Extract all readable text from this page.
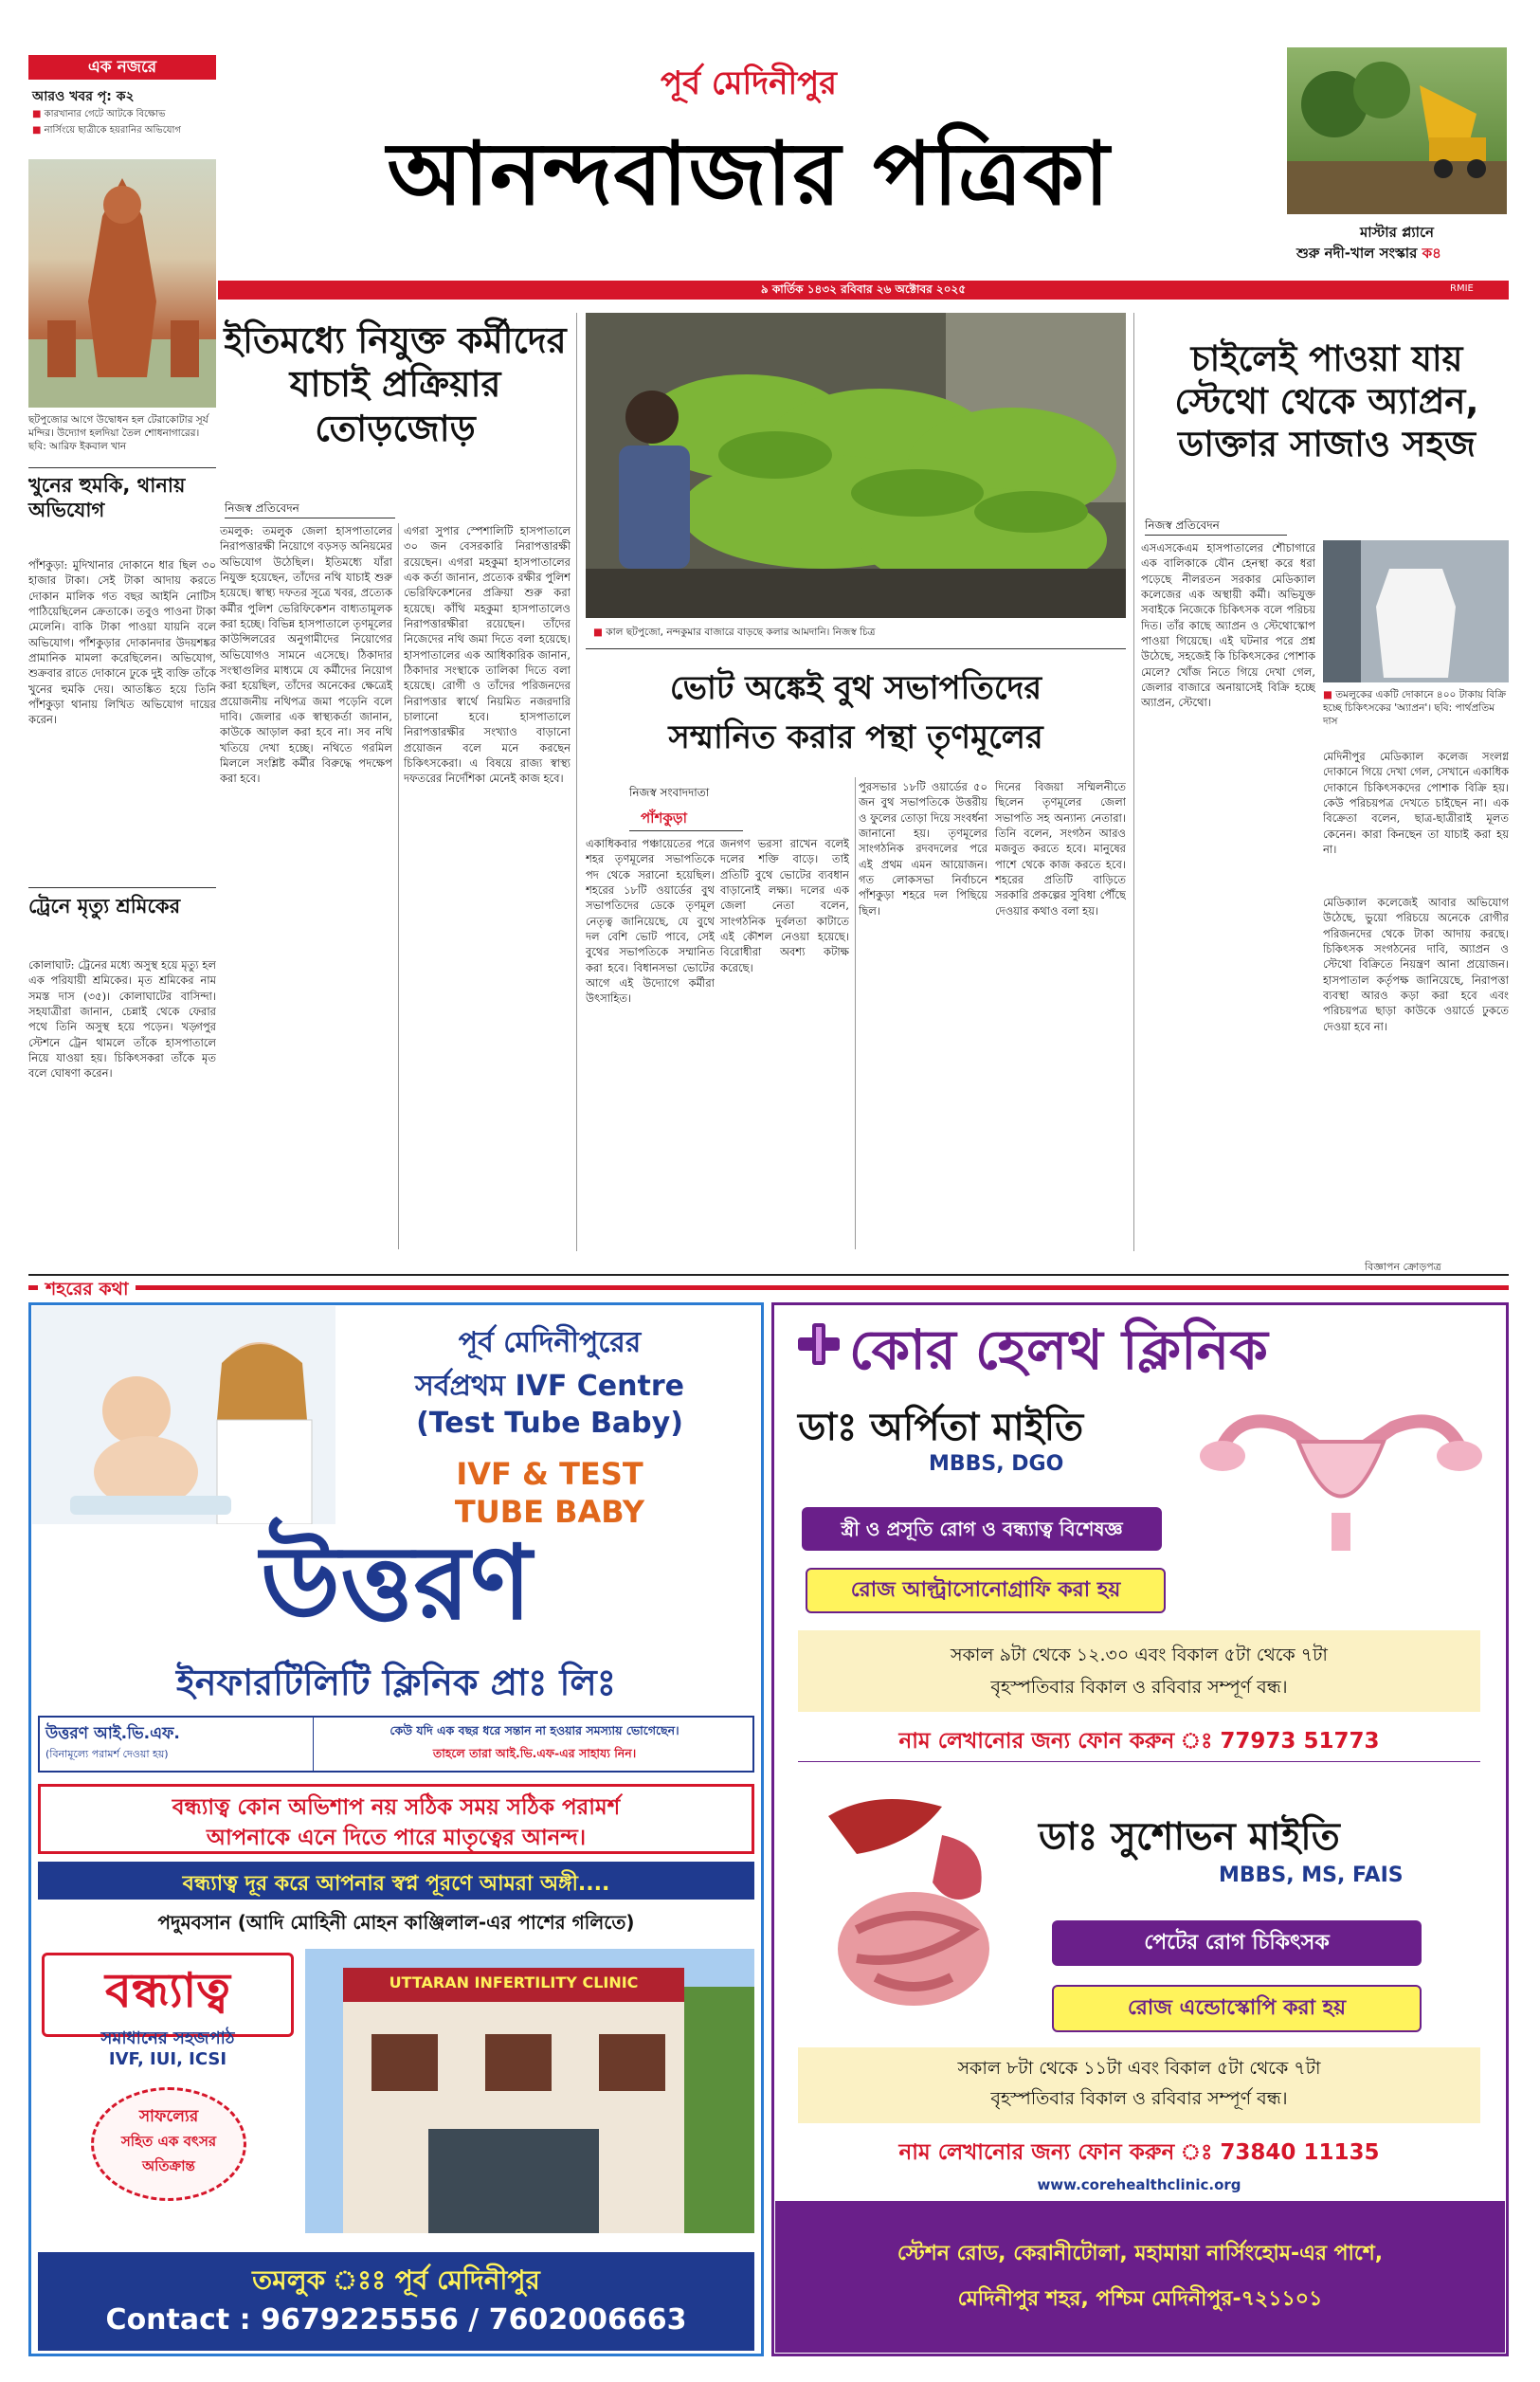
এক নজরে
আরও খবর পৃ: ক২
■ কারখানার গেটে আটকে বিক্ষোভ
■ নার্সিংয়ে ছাত্রীকে হয়রানির অভিযোগ
ছটপুজোর আগে উদ্বোধন হল টেরাকোটার সূর্য মন্দির। উদ্যোগ হলদিয়া তৈল শোধনাগারের। ছবি: আরিফ ইকবাল খান
খুনের হুমকি, থানায় অভিযোগ
পাঁশকুড়া: মুদিখানার দোকানে ধার ছিল ৩০ হাজার টাকা। সেই টাকা আদায় করতে দোকান মালিক গত বছর আইনি নোটিস পাঠিয়েছিলেন ক্রেতাকে। তবুও পাওনা টাকা মেলেনি। বাকি টাকা পাওয়া যায়নি বলে অভিযোগ। পাঁশকুড়ার দোকানদার উদয়শঙ্কর প্রামানিক মামলা করেছিলেন। অভিযোগ, শুক্রবার রাতে দোকানে ঢুকে দুই ব্যক্তি তাঁকে খুনের হুমকি দেয়। আতঙ্কিত হয়ে তিনি পাঁশকুড়া থানায় লিখিত অভিযোগ দায়ের করেন।
ট্রেনে মৃত্যু শ্রমিকের
কোলাঘাট: ট্রেনের মধ্যে অসুস্থ হয়ে মৃত্যু হল এক পরিযায়ী শ্রমিকের। মৃত শ্রমিকের নাম সমস্ত দাস (৩৫)। কোলাঘাটের বাসিন্দা। সহযাত্রীরা জানান, চেন্নাই থেকে ফেরার পথে তিনি অসুস্থ হয়ে পড়েন। খড়্গপুর স্টেশনে ট্রেন থামলে তাঁকে হাসপাতালে নিয়ে যাওয়া হয়। চিকিৎসকরা তাঁকে মৃত বলে ঘোষণা করেন।
পূর্ব মেদিনীপুর
আনন্দবাজার পত্রিকা
৯ কার্তিক ১৪৩২ রবিবার ২৬ অক্টোবর ২০২৫	RMIE
মাস্টার প্ল্যানে
শুরু নদী-খাল সংস্কার ক৪
ইতিমধ্যে নিযুক্ত কর্মীদের যাচাই প্রক্রিয়ার তোড়জোড়
নিজস্ব প্রতিবেদন
তমলুক: তমলুক জেলা হাসপাতালের নিরাপত্তারক্ষী নিয়োগে বড়সড় অনিয়মের অভিযোগ উঠেছিল। ইতিমধ্যে যাঁরা নিযুক্ত হয়েছেন, তাঁদের নথি যাচাই শুরু হয়েছে। স্বাস্থ্য দফতর সূত্রে খবর, প্রত্যেক কর্মীর পুলিশ ভেরিফিকেশন বাধ্যতামূলক করা হচ্ছে। বিভিন্ন হাসপাতালে তৃণমূলের কাউন্সিলরের অনুগামীদের নিয়োগের অভিযোগও সামনে এসেছে। ঠিকাদার সংস্থাগুলির মাধ্যমে যে কর্মীদের নিয়োগ করা হয়েছিল, তাঁদের অনেকের ক্ষেত্রেই প্রয়োজনীয় নথিপত্র জমা পড়েনি বলে দাবি। জেলার এক স্বাস্থ্যকর্তা জানান, কাউকে আড়াল করা হবে না। সব নথি খতিয়ে দেখা হচ্ছে। নথিতে গরমিল মিললে সংশ্লিষ্ট কর্মীর বিরুদ্ধে পদক্ষেপ করা হবে।
এগরা সুপার স্পেশালিটি হাসপাতালে ৩০ জন বেসরকারি নিরাপত্তারক্ষী রয়েছেন। এগরা মহকুমা হাসপাতালের এক কর্তা জানান, প্রত্যেক রক্ষীর পুলিশ ভেরিফিকেশনের প্রক্রিয়া শুরু করা হয়েছে। কাঁথি মহকুমা হাসপাতালেও নিরাপত্তারক্ষীরা রয়েছেন। তাঁদের নিজেদের নথি জমা দিতে বলা হয়েছে। হাসপাতালের এক আধিকারিক জানান, ঠিকাদার সংস্থাকে তালিকা দিতে বলা হয়েছে। রোগী ও তাঁদের পরিজনদের নিরাপত্তার স্বার্থে নিয়মিত নজরদারি চালানো হবে। হাসপাতালে নিরাপত্তারক্ষীর সংখ্যাও বাড়ানো প্রয়োজন বলে মনে করছেন চিকিৎসকেরা। এ বিষয়ে রাজ্য স্বাস্থ্য দফতরের নির্দেশিকা মেনেই কাজ হবে।
■ কাল ছটপুজো, নন্দকুমার বাজারে বাড়ছে কলার আমদানি। নিজস্ব চিত্র
ভোট অঙ্কেই বুথ সভাপতিদের
সম্মানিত করার পন্থা তৃণমূলের
নিজস্ব সংবাদদাতা
পাঁশকুড়া
একাধিকবার পঞ্চায়েতের পরে শহর তৃণমূলের সভাপতিকে পদ থেকে সরানো হয়েছিল। শহরের ১৮টি ওয়ার্ডের বুথ সভাপতিদের ডেকে তৃণমূল নেতৃত্ব জানিয়েছে, যে বুথে দল বেশি ভোট পাবে, সেই বুথের সভাপতিকে সম্মানিত করা হবে। বিধানসভা ভোটের আগে এই উদ্যোগে কর্মীরা উৎসাহিত।
জনগণ ভরসা রাখেন বলেই দলের শক্তি বাড়ে। তাই প্রতিটি বুথে ভোটের ব্যবধান বাড়ানোই লক্ষ্য। দলের এক জেলা নেতা বলেন, সাংগঠনিক দুর্বলতা কাটাতে এই কৌশল নেওয়া হয়েছে। বিরোধীরা অবশ্য কটাক্ষ করেছে।
পুরসভার ১৮টি ওয়ার্ডের ৫০ জন বুথ সভাপতিকে উত্তরীয় ও ফুলের তোড়া দিয়ে সংবর্ধনা জানানো হয়। তৃণমূলের সাংগঠনিক রদবদলের পরে এই প্রথম এমন আয়োজন। গত লোকসভা নির্বাচনে পাঁশকুড়া শহরে দল পিছিয়ে ছিল।
দিনের বিজয়া সম্মিলনীতে ছিলেন তৃণমূলের জেলা সভাপতি সহ অন্যান্য নেতারা। তিনি বলেন, সংগঠন আরও মজবুত করতে হবে। মানুষের পাশে থেকে কাজ করতে হবে। শহরের প্রতিটি বাড়িতে সরকারি প্রকল্পের সুবিধা পৌঁছে দেওয়ার কথাও বলা হয়।
চাইলেই পাওয়া যায় স্টেথো থেকে অ্যাপ্রন, ডাক্তার সাজাও সহজ
নিজস্ব প্রতিবেদন
এসএসকেএম হাসপাতালের শৌচাগারে এক বালিকাকে যৌন হেনস্থা করে ধরা পড়েছে নীলরতন সরকার মেডিক্যাল কলেজের এক অস্থায়ী কর্মী। অভিযুক্ত সবাইকে নিজেকে চিকিৎসক বলে পরিচয় দিত। তাঁর কাছে অ্যাপ্রন ও স্টেথোস্কোপ পাওয়া গিয়েছে। এই ঘটনার পরে প্রশ্ন উঠেছে, সহজেই কি চিকিৎসকের পোশাক মেলে? খোঁজ নিতে গিয়ে দেখা গেল, জেলার বাজারে অনায়াসেই বিক্রি হচ্ছে অ্যাপ্রন, স্টেথো।
■ তমলুকের একটি দোকানে ৪০০ টাকায় বিক্রি হচ্ছে চিকিৎসকের 'অ্যাপ্রন'। ছবি: পার্থপ্রতিম দাস
মেদিনীপুর মেডিক্যাল কলেজ সংলগ্ন দোকানে গিয়ে দেখা গেল, সেখানে একাধিক দোকানে চিকিৎসকদের পোশাক বিক্রি হয়। কেউ পরিচয়পত্র দেখতে চাইছেন না। এক বিক্রেতা বলেন, ছাত্র-ছাত্রীরাই মূলত কেনেন। কারা কিনছেন তা যাচাই করা হয় না।
মেডিক্যাল কলেজেই আবার অভিযোগ উঠেছে, ভুয়ো পরিচয়ে অনেকে রোগীর পরিজনদের থেকে টাকা আদায় করছে। চিকিৎসক সংগঠনের দাবি, অ্যাপ্রন ও স্টেথো বিক্রিতে নিয়ন্ত্রণ আনা প্রয়োজন। হাসপাতাল কর্তৃপক্ষ জানিয়েছে, নিরাপত্তা ব্যবস্থা আরও কড়া করা হবে এবং পরিচয়পত্র ছাড়া কাউকে ওয়ার্ডে ঢুকতে দেওয়া হবে না।
বিজ্ঞাপন ক্রোড়পত্র
শহরের কথা
পূর্ব মেদিনীপুরের
সর্বপ্রথম IVF Centre
(Test Tube Baby)
IVF & TEST
TUBE BABY
উত্তরণ
ইনফারটিলিটি ক্লিনিক প্রাঃ লিঃ
উত্তরণ আই.ভি.এফ.
(বিনামূল্যে পরামর্শ দেওয়া হয়)
কেউ যদি এক বছর ধরে সন্তান না হওয়ার সমস্যায় ভোগেছেন।
তাহলে তারা আই.ভি.এফ-এর সাহায্য নিন।
বন্ধ্যাত্ব কোন অভিশাপ নয় সঠিক সময় সঠিক পরামর্শ
আপনাকে এনে দিতে পারে মাতৃত্বের আনন্দ।
বন্ধ্যাত্ব দূর করে আপনার স্বপ্ন পূরণে আমরা অঙ্গী....
পদুমবসান (আদি মোহিনী মোহন কাঞ্জিলাল-এর পাশের গলিতে)
বন্ধ্যাত্ব
সমাধানের সহজপাঠ
IVF, IUI, ICSI
সাফল্যের
সহিত এক বৎসর
অতিক্রান্ত
UTTARAN INFERTILITY CLINIC
তমলুক ঃঃ পূর্ব মেদিনীপুর
Contact : 9679225556 / 7602006663
কোর হেলথ ক্লিনিক
ডাঃ অর্পিতা মাইতি
MBBS, DGO
স্ত্রী ও প্রসূতি রোগ ও বন্ধ্যাত্ব বিশেষজ্ঞ
রোজ আল্ট্রাসোনোগ্রাফি করা হয়
সকাল ৯টা থেকে ১২.৩০ এবং বিকাল ৫টা থেকে ৭টা
বৃহস্পতিবার বিকাল ও রবিবার সম্পূর্ণ বন্ধ।
নাম লেখানোর জন্য ফোন করুন ঃ 77973 51773
ডাঃ সুশোভন মাইতি
MBBS, MS, FAIS
পেটের রোগ চিকিৎসক
রোজ এন্ডোস্কোপি করা হয়
সকাল ৮টা থেকে ১১টা এবং বিকাল ৫টা থেকে ৭টা
বৃহস্পতিবার বিকাল ও রবিবার সম্পূর্ণ বন্ধ।
নাম লেখানোর জন্য ফোন করুন ঃ 73840 11135
www.corehealthclinic.org
স্টেশন রোড, কেরানীটোলা, মহামায়া নার্সিংহোম-এর পাশে,
মেদিনীপুর শহর, পশ্চিম মেদিনীপুর-৭২১১০১
